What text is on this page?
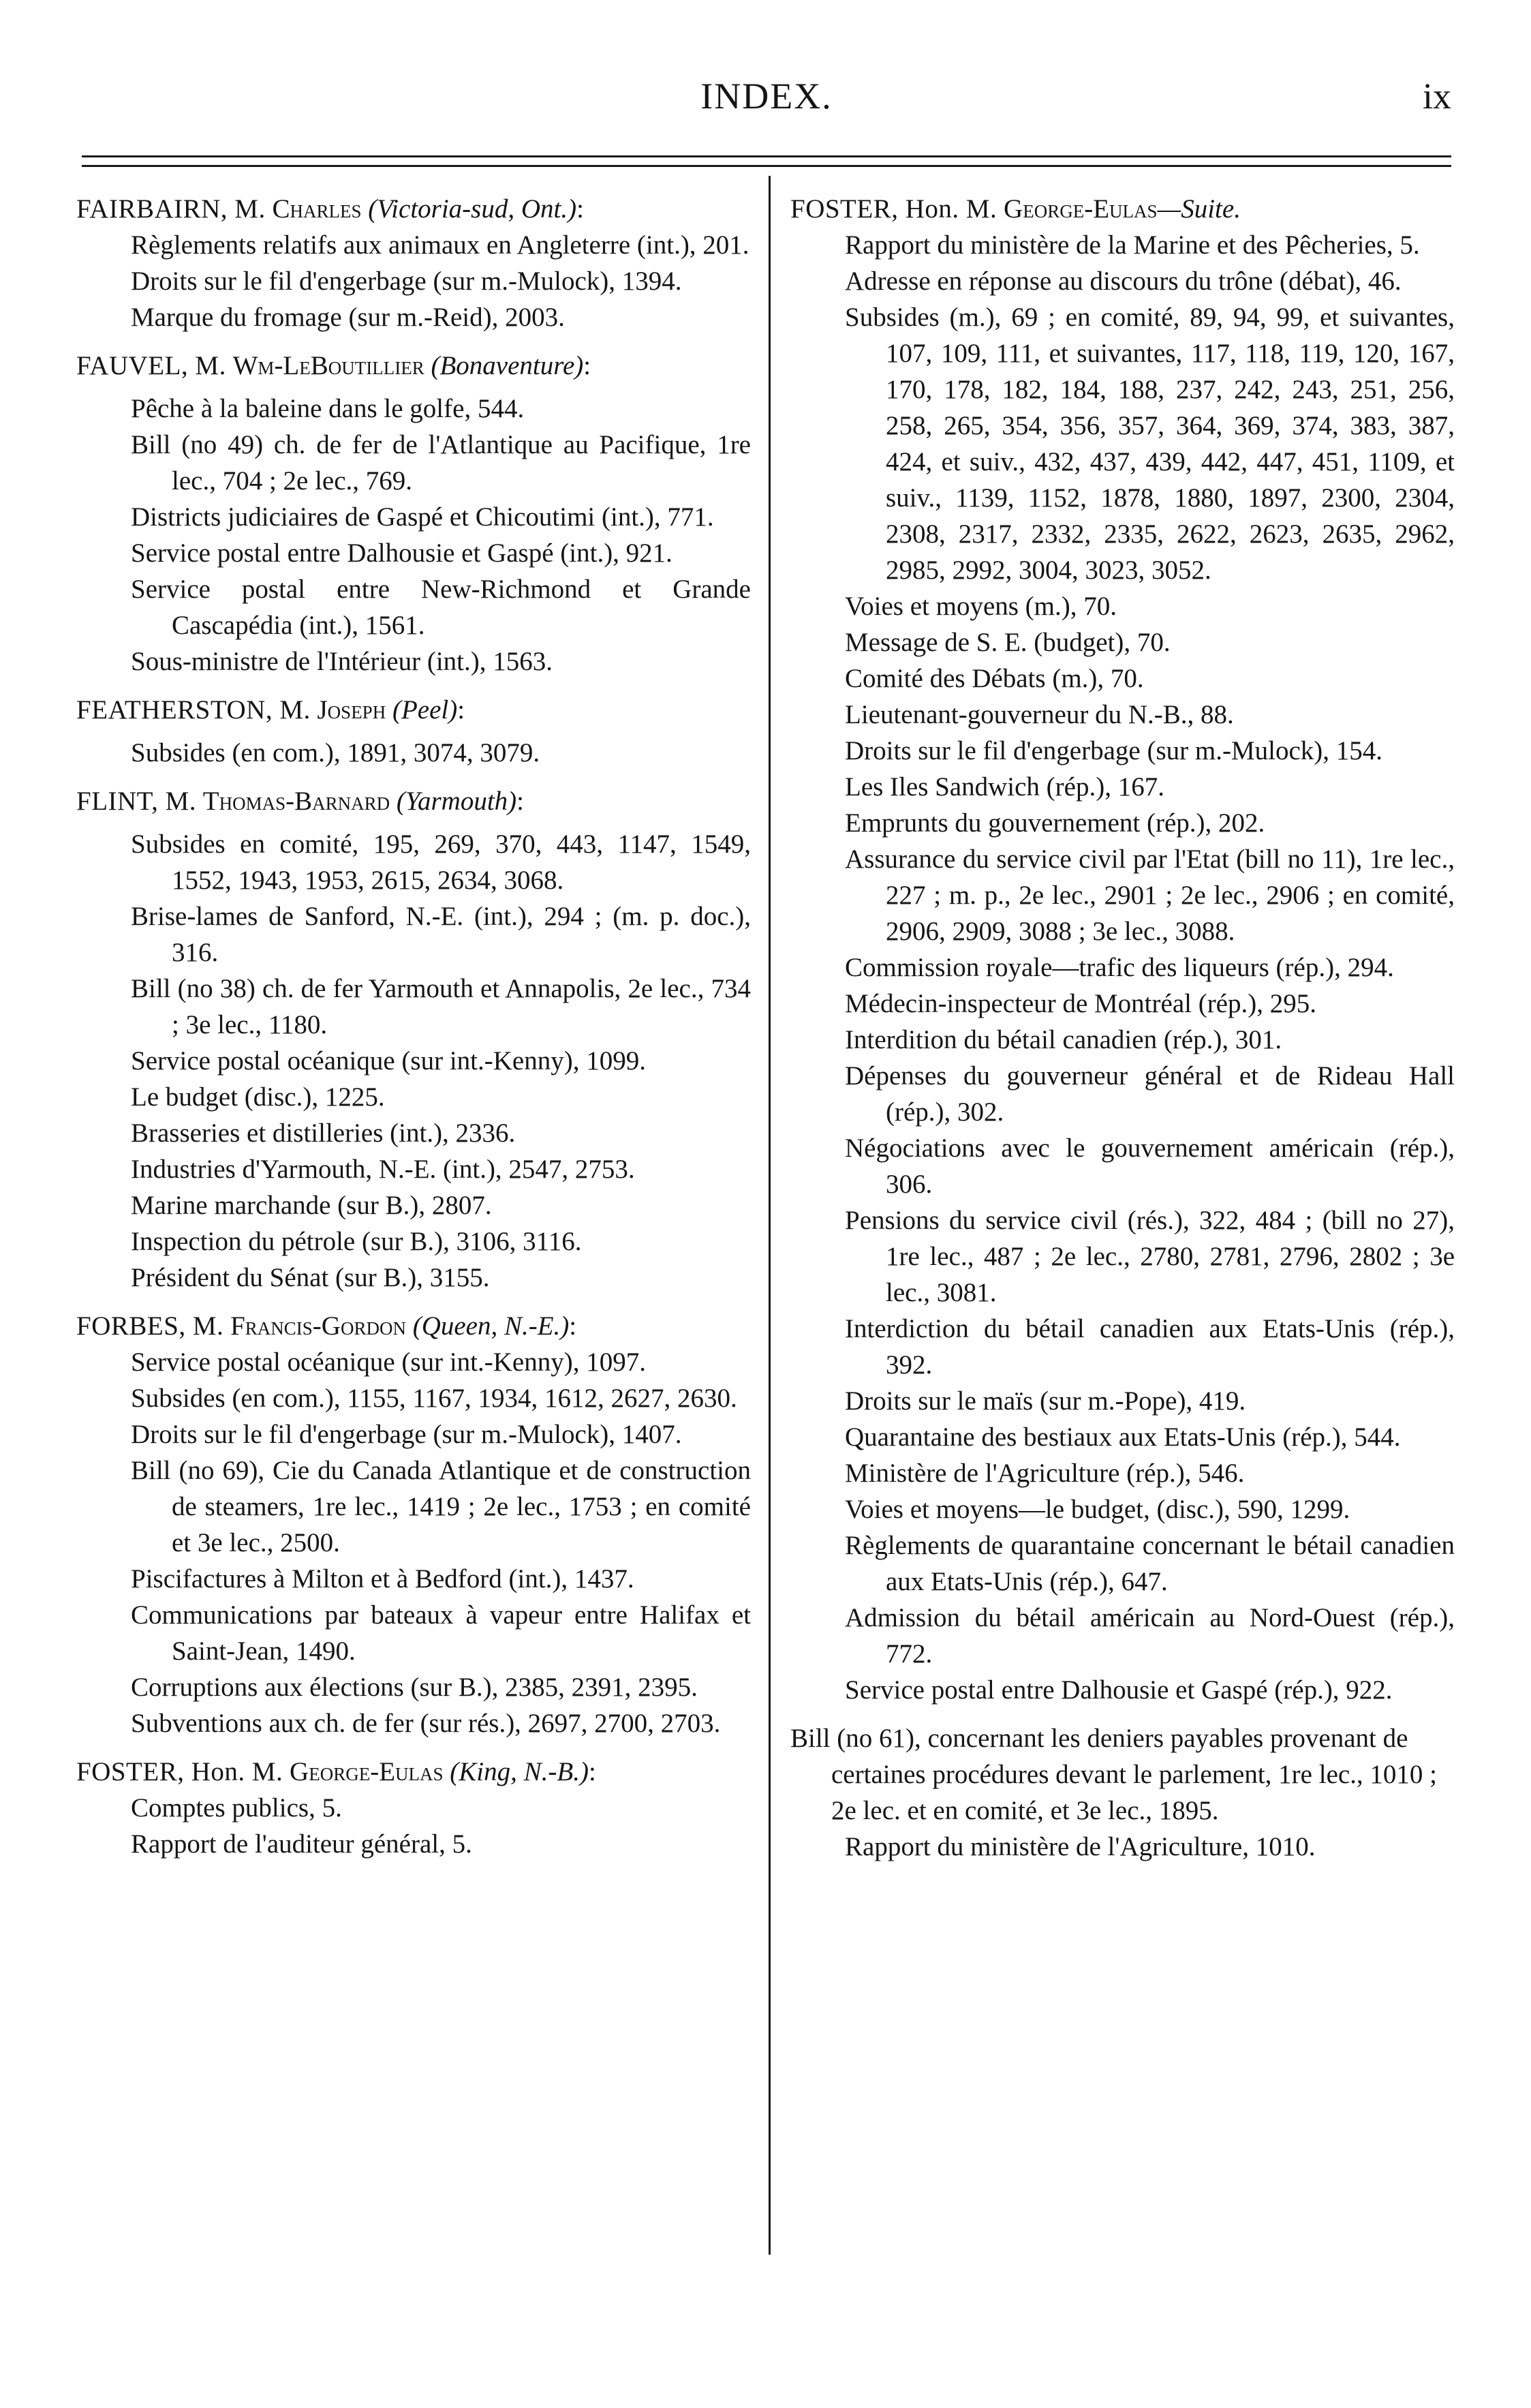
INDEX.	ix
FAIRBAIRN, M. Charles (Victoria-sud, Ont.):
Règlements relatifs aux animaux en Angleterre (int.), 201.
Droits sur le fil d'engerbage (sur m.-Mulock), 1394.
Marque du fromage (sur m.-Reid), 2003.
FAUVEL, M. Wm-LeBoutillier (Bonaventure):
Pêche à la baleine dans le golfe, 544.
Bill (no 49) ch. de fer de l'Atlantique au Pacifique, 1re lec., 704 ; 2e lec., 769.
Districts judiciaires de Gaspé et Chicoutimi (int.), 771.
Service postal entre Dalhousie et Gaspé (int.), 921.
Service postal entre New-Richmond et Grande Cascapédia (int.), 1561.
Sous-ministre de l'Intérieur (int.), 1563.
FEATHERSTON, M. Joseph (Peel):
Subsides (en com.), 1891, 3074, 3079.
FLINT, M. Thomas-Barnard (Yarmouth):
Subsides en comité, 195, 269, 370, 443, 1147, 1549, 1552, 1943, 1953, 2615, 2634, 3068.
Brise-lames de Sanford, N.-E. (int.), 294 ; (m. p. doc.), 316.
Bill (no 38) ch. de fer Yarmouth et Annapolis, 2e lec., 734 ; 3e lec., 1180.
Service postal océanique (sur int.-Kenny), 1099.
Le budget (disc.), 1225.
Brasseries et distilleries (int.), 2336.
Industries d'Yarmouth, N.-E. (int.), 2547, 2753.
Marine marchande (sur B.), 2807.
Inspection du pétrole (sur B.), 3106, 3116.
Président du Sénat (sur B.), 3155.
FORBES, M. Francis-Gordon (Queen, N.-E.):
Service postal océanique (sur int.-Kenny), 1097.
Subsides (en com.), 1155, 1167, 1934, 1612, 2627, 2630.
Droits sur le fil d'engerbage (sur m.-Mulock), 1407.
Bill (no 69), Cie du Canada Atlantique et de construction de steamers, 1re lec., 1419 ; 2e lec., 1753 ; en comité et 3e lec., 2500.
Piscifactures à Milton et à Bedford (int.), 1437.
Communications par bateaux à vapeur entre Halifax et Saint-Jean, 1490.
Corruptions aux élections (sur B.), 2385, 2391, 2395.
Subventions aux ch. de fer (sur rés.), 2697, 2700, 2703.
FOSTER, Hon. M. George-Eulas (King, N.-B.):
Comptes publics, 5.
Rapport de l'auditeur général, 5.
FOSTER, Hon. M. George-Eulas—Suite.
Rapport du ministère de la Marine et des Pêcheries, 5.
Adresse en réponse au discours du trône (débat), 46.
Subsides (m.), 69 ; en comité, 89, 94, 99, et suivantes, 107, 109, 111, et suivantes, 117, 118, 119, 120, 167, 170, 178, 182, 184, 188, 237, 242, 243, 251, 256, 258, 265, 354, 356, 357, 364, 369, 374, 383, 387, 424, et suiv., 432, 437, 439, 442, 447, 451, 1109, et suiv., 1139, 1152, 1878, 1880, 1897, 2300, 2304, 2308, 2317, 2332, 2335, 2622, 2623, 2635, 2962, 2985, 2992, 3004, 3023, 3052.
Voies et moyens (m.), 70.
Message de S. E. (budget), 70.
Comité des Débats (m.), 70.
Lieutenant-gouverneur du N.-B., 88.
Droits sur le fil d'engerbage (sur m.-Mulock), 154.
Les Iles Sandwich (rép.), 167.
Emprunts du gouvernement (rép.), 202.
Assurance du service civil par l'Etat (bill no 11), 1re lec., 227 ; m. p., 2e lec., 2901 ; 2e lec., 2906 ; en comité, 2906, 2909, 3088 ; 3e lec., 3088.
Commission royale—trafic des liqueurs (rép.), 294.
Médecin-inspecteur de Montréal (rép.), 295.
Interdition du bétail canadien (rép.), 301.
Dépenses du gouverneur général et de Rideau Hall (rép.), 302.
Négociations avec le gouvernement américain (rép.), 306.
Pensions du service civil (rés.), 322, 484 ; (bill no 27), 1re lec., 487 ; 2e lec., 2780, 2781, 2796, 2802 ; 3e lec., 3081.
Interdiction du bétail canadien aux Etats-Unis (rép.), 392.
Droits sur le maïs (sur m.-Pope), 419.
Quarantaine des bestiaux aux Etats-Unis (rép.), 544.
Ministère de l'Agriculture (rép.), 546.
Voies et moyens—le budget, (disc.), 590, 1299.
Règlements de quarantaine concernant le bétail canadien aux Etats-Unis (rép.), 647.
Admission du bétail américain au Nord-Ouest (rép.), 772.
Service postal entre Dalhousie et Gaspé (rép.), 922.
Bill (no 61), concernant les deniers payables provenant de certaines procédures devant le parlement, 1re lec., 1010 ; 2e lec. et en comité, et 3e lec., 1895.
Rapport du ministère de l'Agriculture, 1010.
